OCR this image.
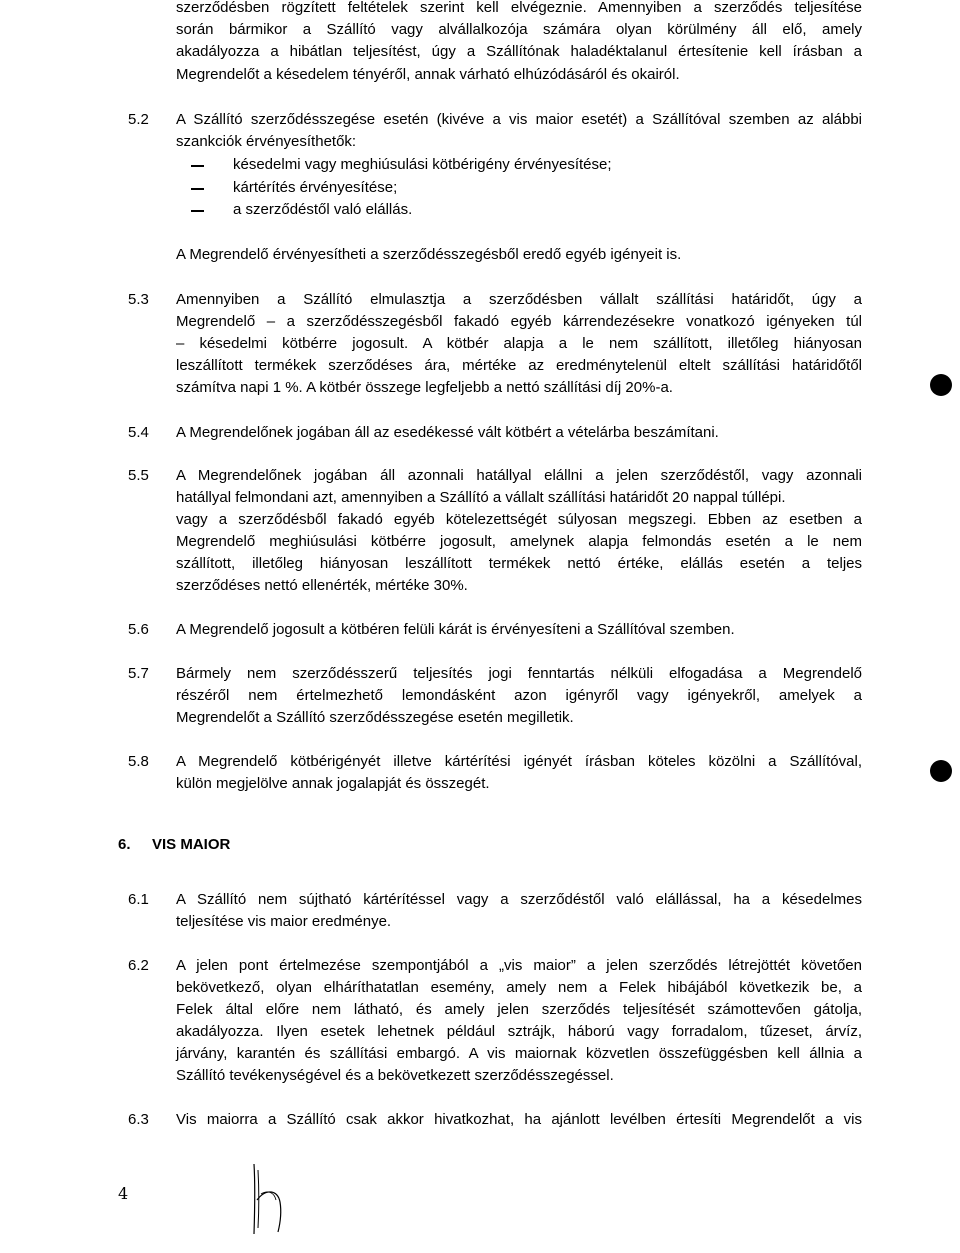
szerződésben rögzített feltételek szerint kell elvégeznie. Amennyiben a szerződés teljesítése
során bármikor a Szállító vagy alvállalkozója számára olyan körülmény áll elő, amely
akadályozza a hibátlan teljesítést, úgy a Szállítónak haladéktalanul értesítenie kell írásban a
Megrendelőt a késedelem tényéről, annak várható elhúzódásáról és okairól.
5.2 A Szállító szerződésszegése esetén (kivéve a vis maior esetét) a Szállítóval szemben az alábbi
szankciók érvényesíthetők:
késedelmi vagy meghiúsulási kötbérigény érvényesítése;
kártérítés érvényesítése;
a szerződéstől való elállás.
A Megrendelő érvényesítheti a szerződésszegésből eredő egyéb igényeit is.
5.3 Amennyiben a Szállító elmulasztja a szerződésben vállalt szállítási határidőt, úgy a
Megrendelő – a szerződésszegésből fakadó egyéb kárrendezésekre vonatkozó igényeken túl
– késedelmi kötbérre jogosult. A kötbér alapja a le nem szállított, illetőleg hiányosan
leszállított termékek szerződéses ára, mértéke az eredménytelenül eltelt szállítási határidőtől
számítva napi 1 %. A kötbér összege legfeljebb a nettó szállítási díj 20%-a.
5.4 A Megrendelőnek jogában áll az esedékessé vált kötbért a vételárba beszámítani.
5.5 A Megrendelőnek jogában áll azonnali hatállyal elállni a jelen szerződéstől, vagy azonnali
hatállyal felmondani azt, amennyiben a Szállító a vállalt szállítási határidőt 20 nappal túllépi.
vagy a szerződésből fakadó egyéb kötelezettségét súlyosan megszegi. Ebben az esetben a
Megrendelő meghiúsulási kötbérre jogosult, amelynek alapja felmondás esetén a le nem
szállított, illetőleg hiányosan leszállított termékek nettó értéke, elállás esetén a teljes
szerződéses nettó ellenérték, mértéke 30%.
5.6 A Megrendelő jogosult a kötbéren felüli kárát is érvényesíteni a Szállítóval szemben.
5.7 Bármely nem szerződésszerű teljesítés jogi fenntartás nélküli elfogadása a Megrendelő
részéről nem értelmezhető lemondásként azon igényről vagy igényekről, amelyek a
Megrendelőt a Szállító szerződésszegése esetén megilletik.
5.8 A Megrendelő kötbérigényét illetve kártérítési igényét írásban köteles közölni a Szállítóval,
külön megjelölve annak jogalapját és összegét.
6. VIS MAIOR
6.1 A Szállító nem sújtható kártérítéssel vagy a szerződéstől való elállással, ha a késedelmes
teljesítése vis maior eredménye.
6.2 A jelen pont értelmezése szempontjából a „vis maior” a jelen szerződés létrejöttét követően
bekövetkező, olyan elháríthatatlan esemény, amely nem a Felek hibájából következik be, a
Felek által előre nem látható, és amely jelen szerződés teljesítését számottevően gátolja,
akadályozza. Ilyen esetek lehetnek például sztrájk, háború vagy forradalom, tűzeset, árvíz,
járvány, karantén és szállítási embargó. A vis maiornak közvetlen összefüggésben kell állnia a
Szállító tevékenységével és a bekövetkezett szerződésszegéssel.
6.3 Vis maiorra a Szállító csak akkor hivatkozhat, ha ajánlott levélben értesíti Megrendelőt a vis
4
